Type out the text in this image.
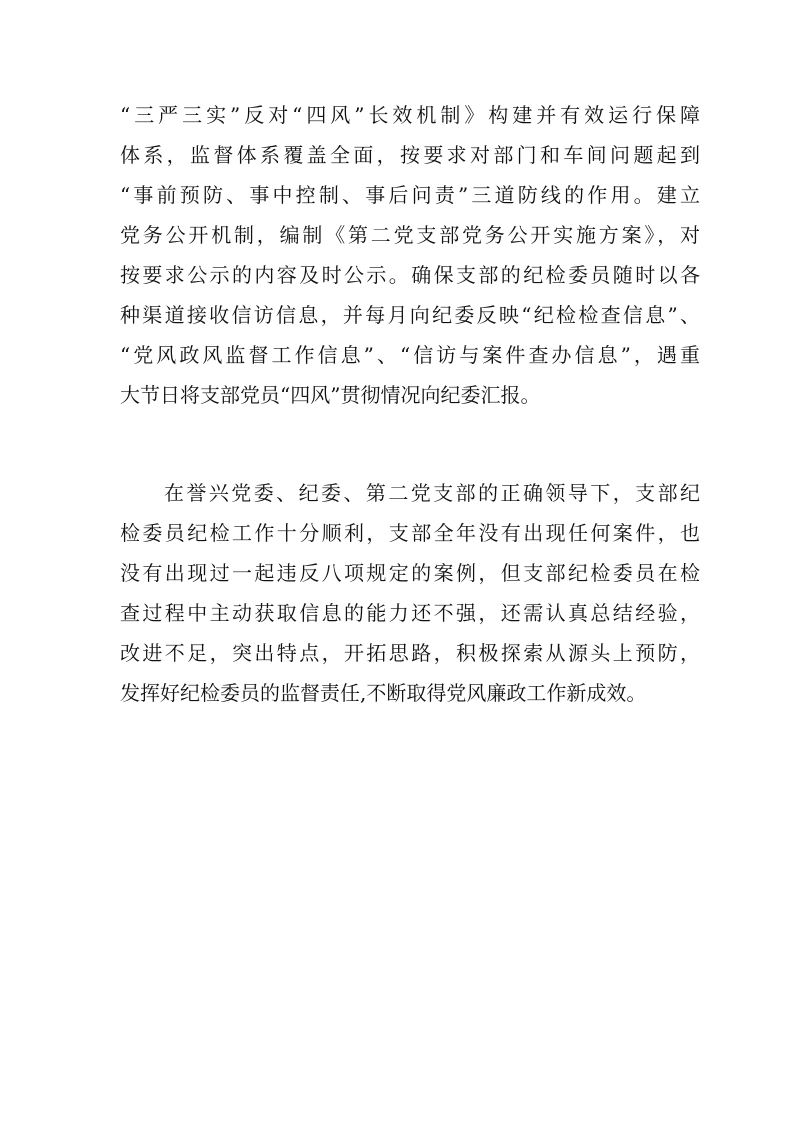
“三严三实”反对“四风”长效机制》构建并有效运行保障
体系，监督体系覆盖全面，按要求对部门和车间问题起到
“事前预防、事中控制、事后问责”三道防线的作用。建立
党务公开机制，编制《第二党支部党务公开实施方案》，对
按要求公示的内容及时公示。确保支部的纪检委员随时以各
种渠道接收信访信息，并每月向纪委反映“纪检检查信息”、
“党风政风监督工作信息”、“信访与案件查办信息”，遇重
大节日将支部党员“四风”贯彻情况向纪委汇报。
在誉兴党委、纪委、第二党支部的正确领导下，支部纪
检委员纪检工作十分顺利，支部全年没有出现任何案件，也
没有出现过一起违反八项规定的案例，但支部纪检委员在检
查过程中主动获取信息的能力还不强，还需认真总结经验，
改进不足，突出特点，开拓思路，积极探索从源头上预防，
发挥好纪检委员的监督责任,不断取得党风廉政工作新成效。
